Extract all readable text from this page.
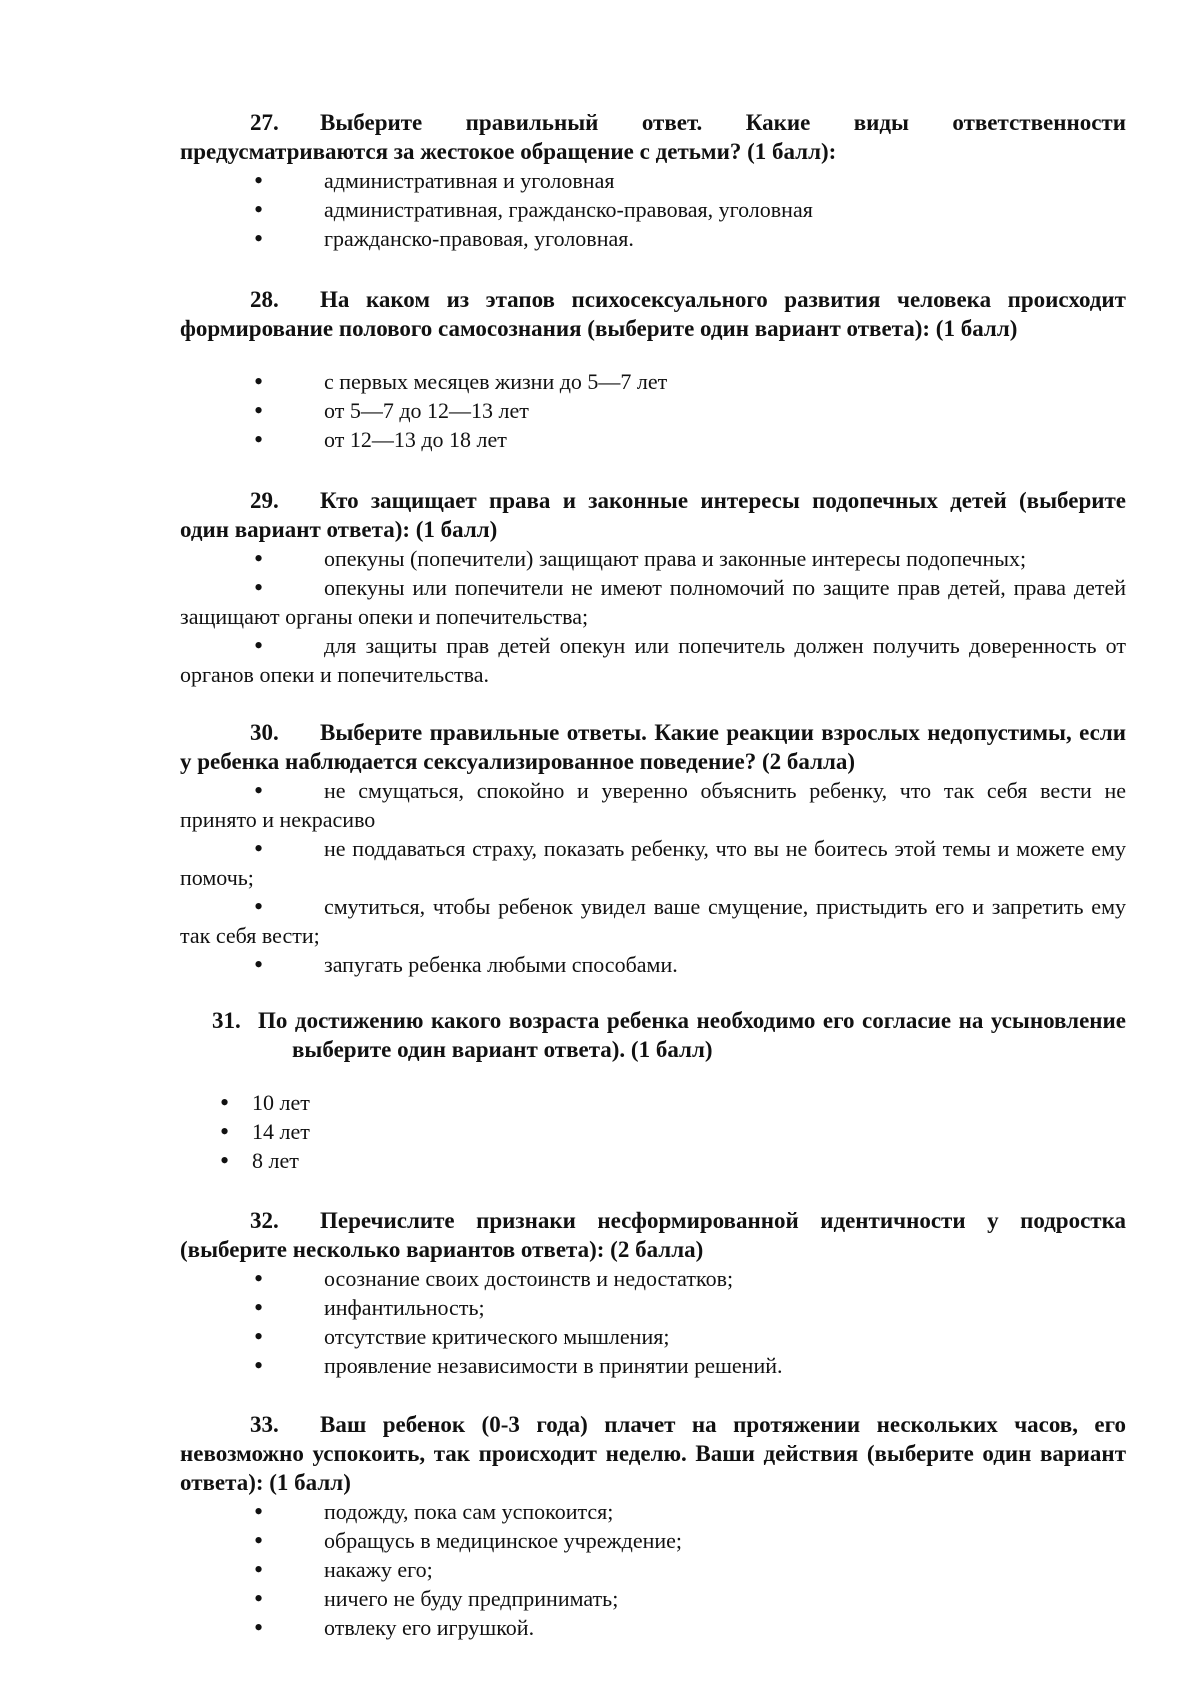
27. Выберите правильный ответ. Какие виды ответственности предусматриваются за жестокое обращение с детьми? (1 балл):

•
административная и уголовная
•
административная, гражданско-правовая, уголовная
•
гражданско-правовая, уголовная.

28. На каком из этапов психосексуального развития человека происходит формирование полового самосознания (выберите один вариант ответа): (1 балл)

•
с первых месяцев жизни до 5—7 лет
•
от 5—7 до 12—13 лет
•
от 12—13 до 18 лет

29. Кто защищает права и законные интересы подопечных детей (выберите один вариант ответа): (1 балл)

•
опекуны (попечители) защищают права и законные интересы подопечных;
•
опекуны или попечители не имеют полномочий по защите прав детей, права детей защищают органы опеки и попечительства;
•
для защиты прав детей опекун или попечитель должен получить доверенность от органов опеки и попечительства.

30. Выберите правильные ответы. Какие реакции взрослых недопустимы, если у ребенка наблюдается сексуализированное поведение? (2 балла)

•
не смущаться, спокойно и уверенно объяснить ребенку, что так себя вести не принято и некрасиво
•
не поддаваться страху, показать ребенку, что вы не боитесь этой темы и можете ему помочь;
•
смутиться, чтобы ребенок увидел ваше смущение, пристыдить его и запретить ему так себя вести;
•
запугать ребенка любыми способами.

31. По достижению какого возраста ребенка необходимо его согласие на усыновление выберите один вариант ответа). (1 балл)

•
10 лет
•
14 лет
•
8 лет

32. Перечислите признаки несформированной идентичности у подростка (выберите несколько вариантов ответа): (2 балла)

•
осознание своих достоинств и недостатков;
•
инфантильность;
•
отсутствие критического мышления;
•
проявление независимости в принятии решений.

33. Ваш ребенок (0-3 года) плачет на протяжении нескольких часов, его невозможно успокоить, так происходит неделю. Ваши действия (выберите один вариант ответа): (1 балл)

•
подожду, пока сам успокоится;
•
обращусь в медицинское учреждение;
•
накажу его;
•
ничего не буду предпринимать;
•
отвлеку его игрушкой.
